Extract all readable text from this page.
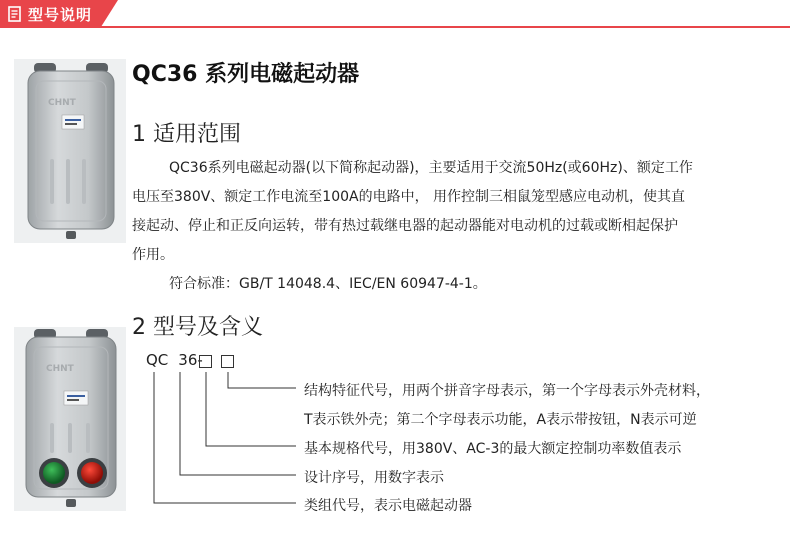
型号说明
CHNT
CHNT
QC36 系列电磁起动器
1 适用范围

QC36系列电磁起动器(以下简称起动器)，主要适用于交流50Hz(或60Hz)、额定工作

电压至380V、额定工作电流至100A的电路中， 用作控制三相鼠笼型感应电动机，使其直

接起动、停止和正反向运转，带有热过载继电器的起动器能对电动机的过载或断相起保护

作用。

符合标准：GB/T 14048.4、IEC/EN 60947-4-1。

2 型号及含义
QC 36-
结构特征代号，用两个拼音字母表示，第一个字母表示外壳材料，
T表示铁外壳；第二个字母表示功能，A表示带按钮，N表示可逆
基本规格代号，用380V、AC-3的最大额定控制功率数值表示
设计序号，用数字表示
类组代号，表示电磁起动器
